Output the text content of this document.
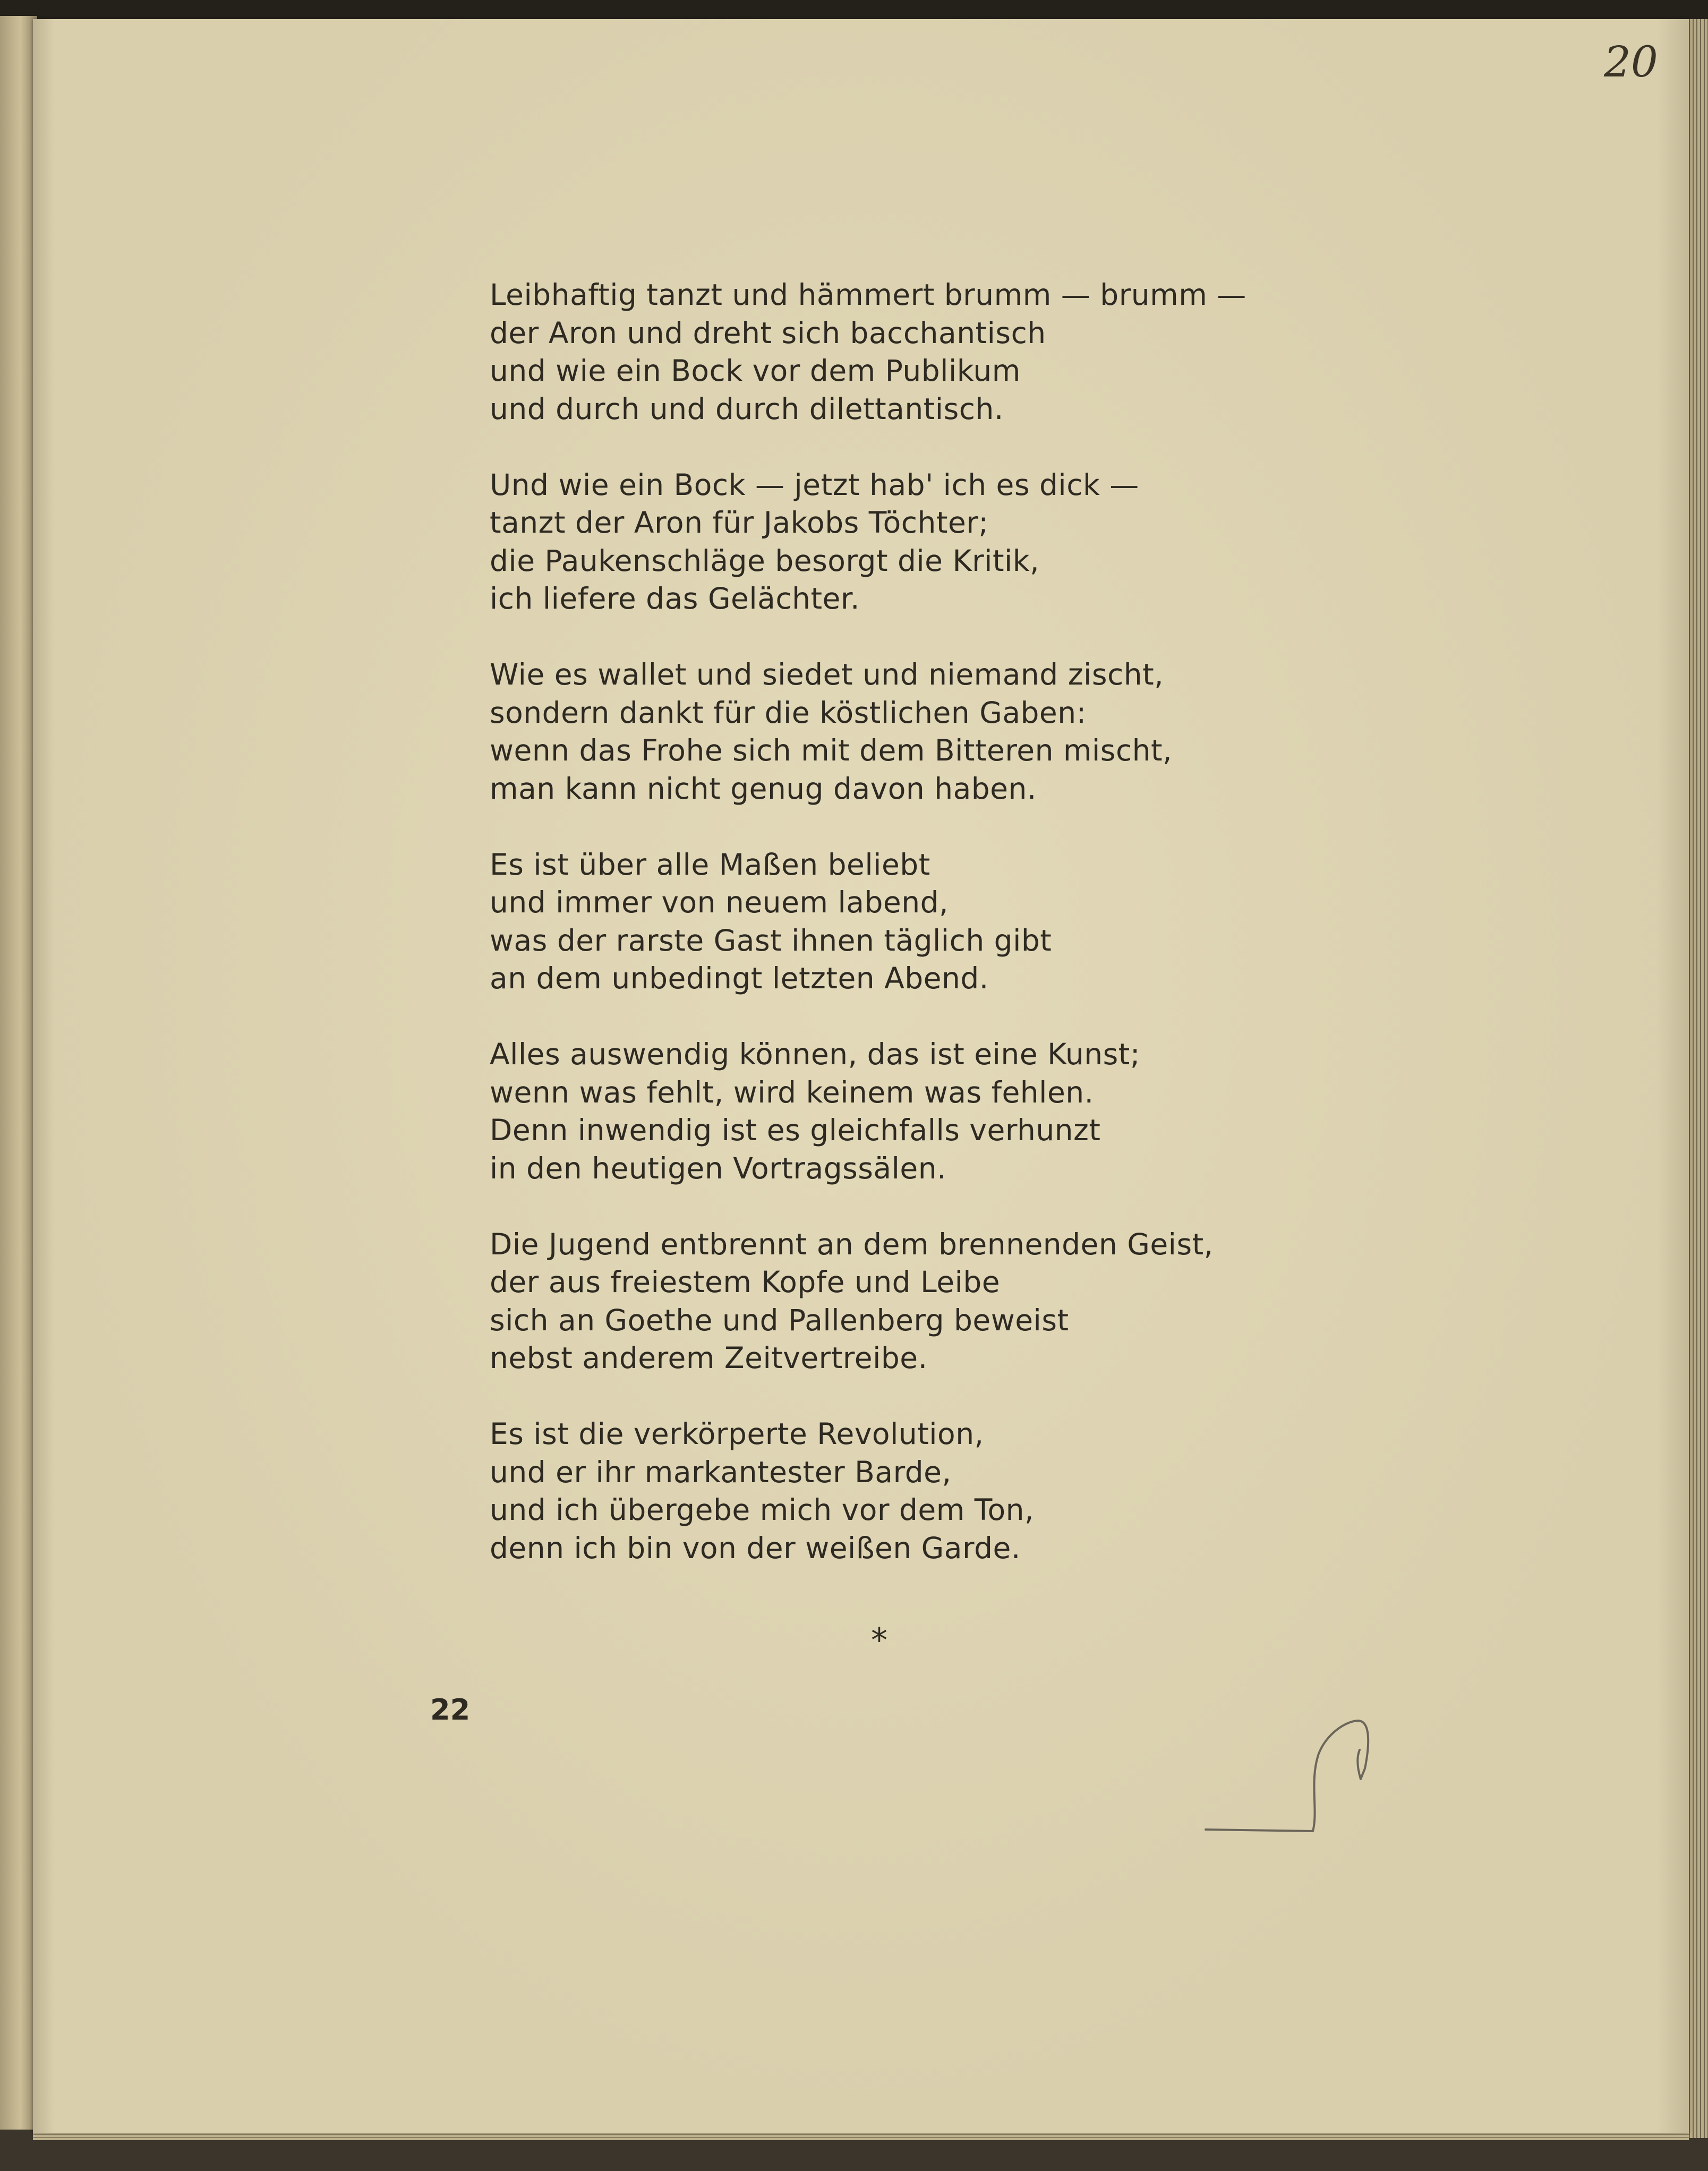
20
Leibhaftig tanzt und hämmert brumm — brumm —
der Aron und dreht sich bacchantisch
und wie ein Bock vor dem Publikum
und durch und durch dilettantisch.
Und wie ein Bock — jetzt hab' ich es dick —
tanzt der Aron für Jakobs Töchter;
die Paukenschläge besorgt die Kritik,
ich liefere das Gelächter.
Wie es wallet und siedet und niemand zischt,
sondern dankt für die köstlichen Gaben:
wenn das Frohe sich mit dem Bitteren mischt,
man kann nicht genug davon haben.
Es ist über alle Maßen beliebt
und immer von neuem labend,
was der rarste Gast ihnen täglich gibt
an dem unbedingt letzten Abend.
Alles auswendig können, das ist eine Kunst;
wenn was fehlt, wird keinem was fehlen.
Denn inwendig ist es gleichfalls verhunzt
in den heutigen Vortragssälen.
Die Jugend entbrennt an dem brennenden Geist,
der aus freiestem Kopfe und Leibe
sich an Goethe und Pallenberg beweist
nebst anderem Zeitvertreibe.
Es ist die verkörperte Revolution,
und er ihr markantester Barde,
und ich übergebe mich vor dem Ton,
denn ich bin von der weißen Garde.
*
22
